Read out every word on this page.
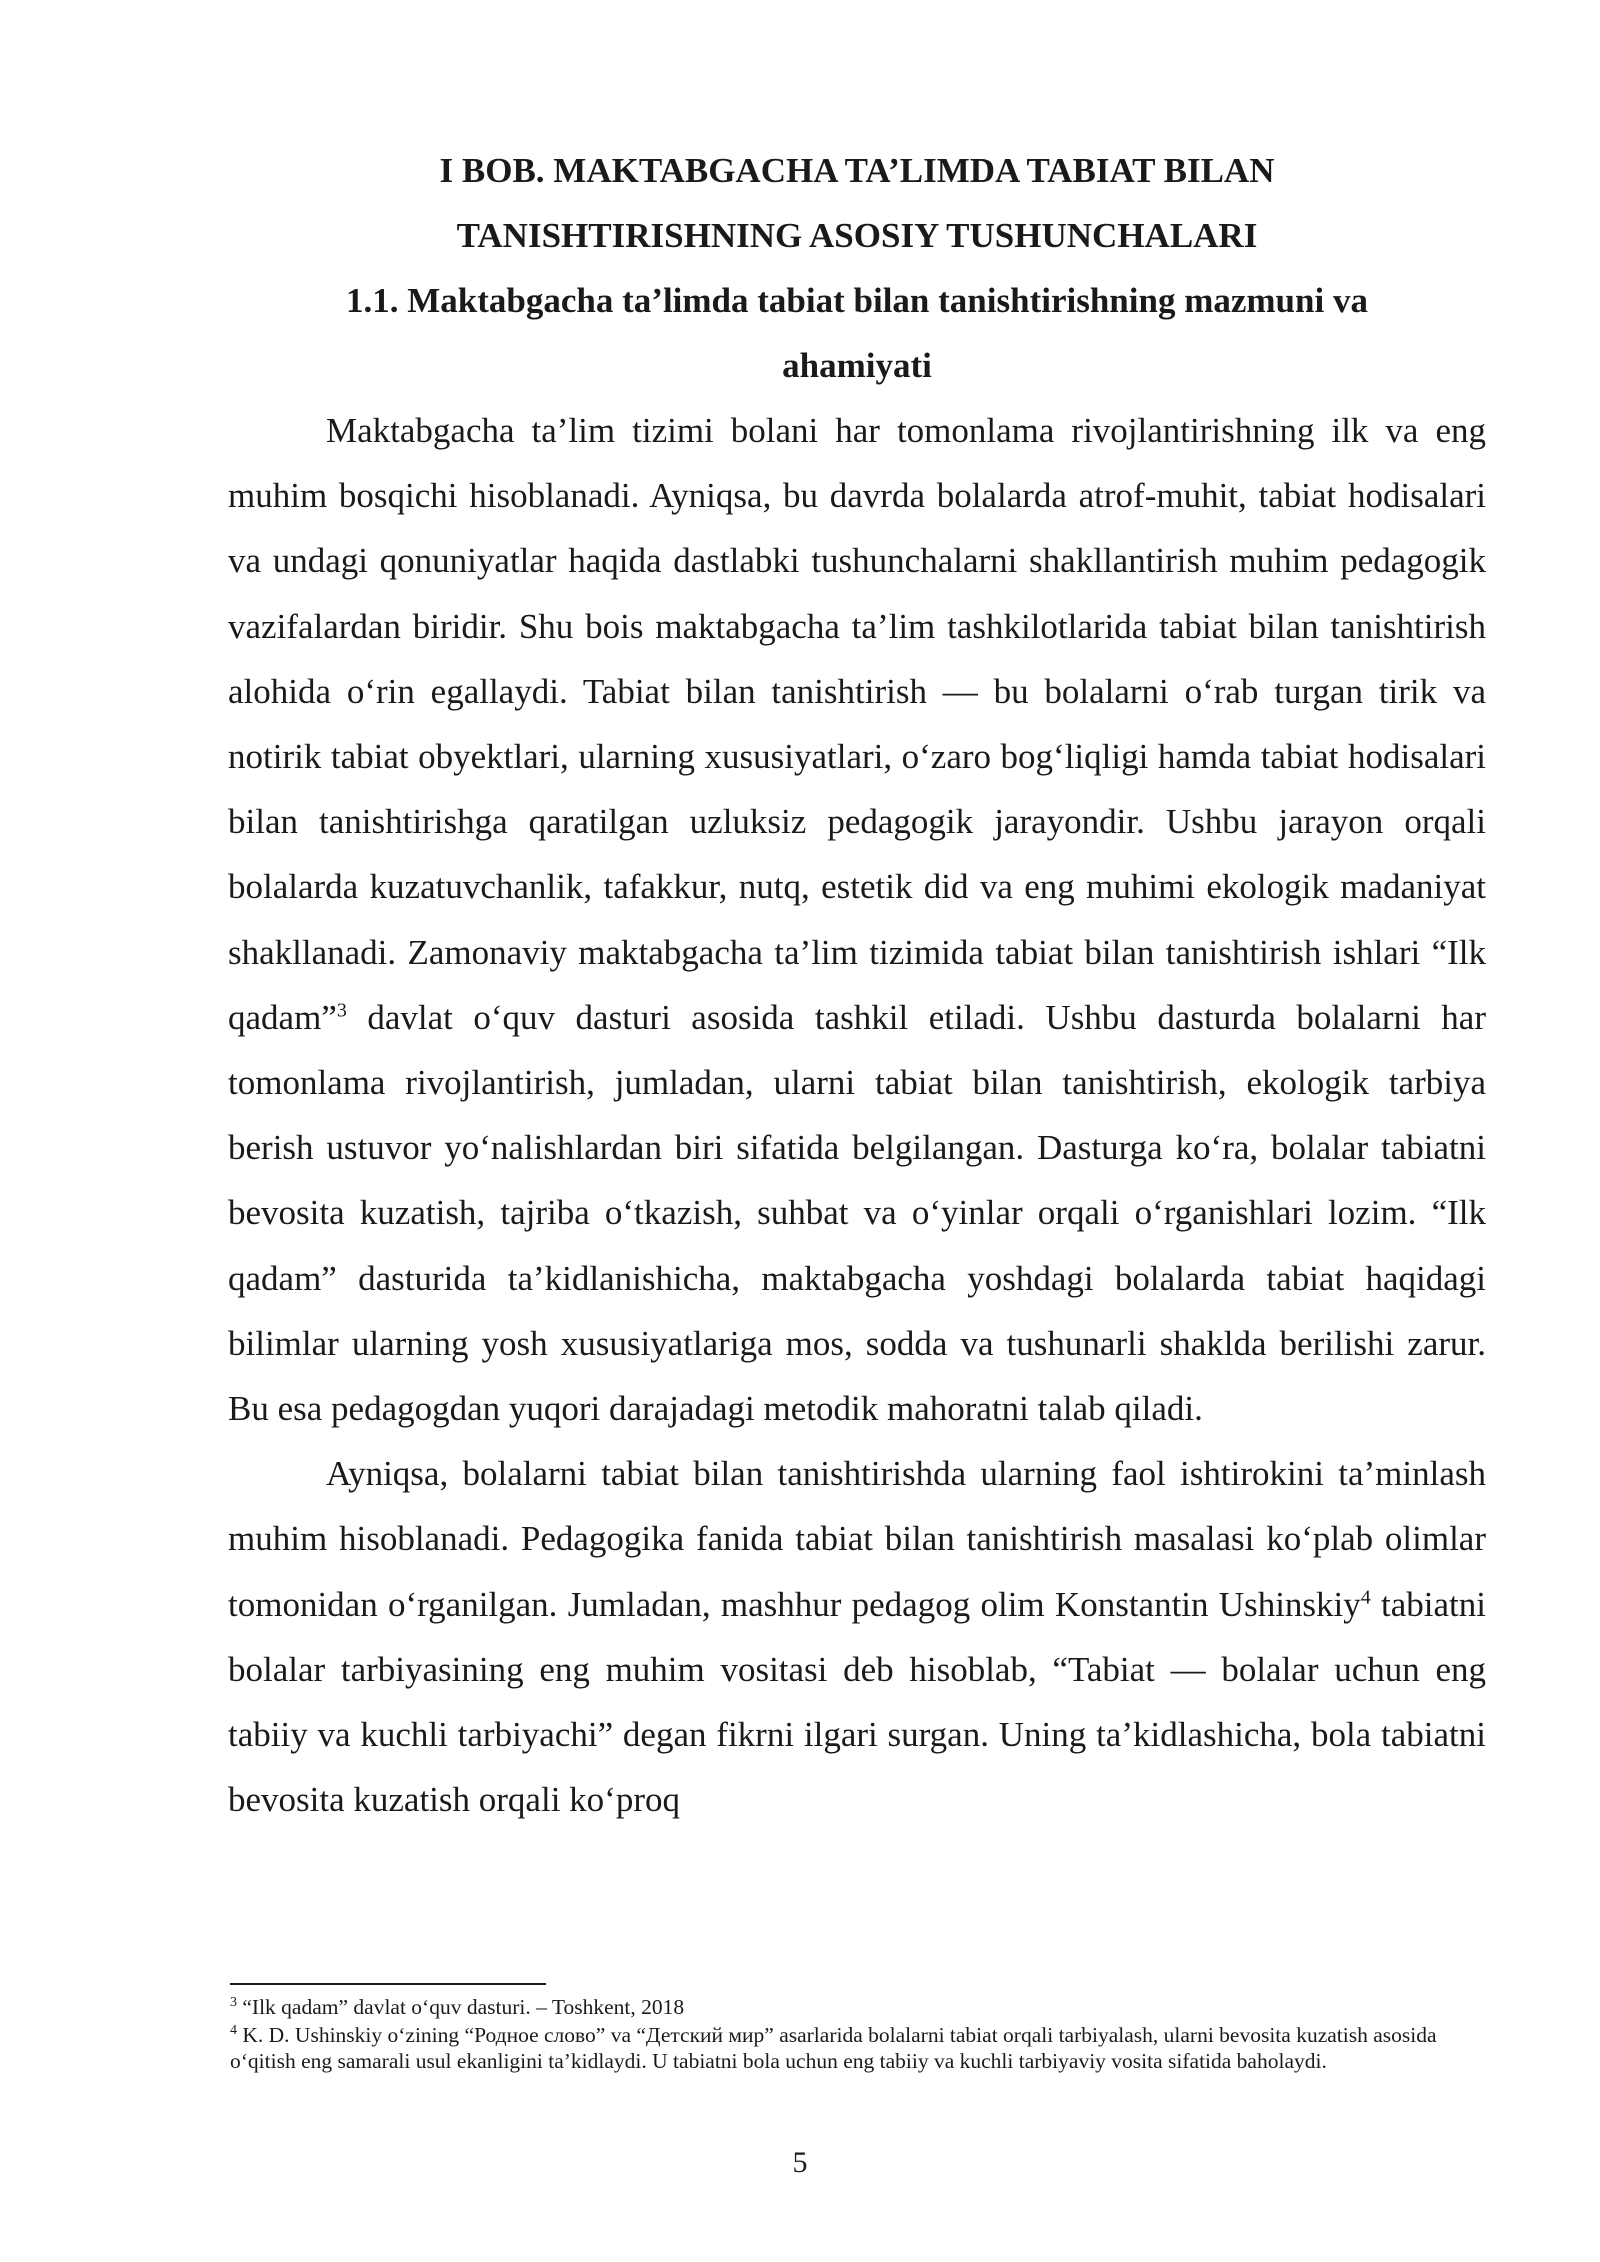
I BOB. MAKTABGACHA TA’LIMDA TABIAT BILAN
TANISHTIRISHNING ASOSIY TUSHUNCHALARI
1.1. Maktabgacha ta’limda tabiat bilan tanishtirishning mazmuni va
ahamiyati

Maktabgacha ta’lim tizimi bolani har tomonlama rivojlantirishning ilk va eng muhim bosqichi hisoblanadi. Ayniqsa, bu davrda bolalarda atrof-muhit, tabiat hodisalari va undagi qonuniyatlar haqida dastlabki tushunchalarni shakllantirish muhim pedagogik vazifalardan biridir. Shu bois maktabgacha ta’lim tashkilotlarida tabiat bilan tanishtirish alohida o‘rin egallaydi. Tabiat bilan tanishtirish — bu bolalarni o‘rab turgan tirik va notirik tabiat obyektlari, ularning xususiyatlari, o‘zaro bog‘liqligi hamda tabiat hodisalari bilan tanishtirishga qaratilgan uzluksiz pedagogik jarayondir. Ushbu jarayon orqali bolalarda kuzatuvchanlik, tafakkur, nutq, estetik did va eng muhimi ekologik madaniyat shakllanadi. Zamonaviy maktabgacha ta’lim tizimida tabiat bilan tanishtirish ishlari “Ilk qadam”$^3$ davlat o‘quv dasturi asosida tashkil etiladi. Ushbu dasturda bolalarni har tomonlama rivojlantirish, jumladan, ularni tabiat bilan tanishtirish, ekologik tarbiya berish ustuvor yo‘nalishlardan biri sifatida belgilangan. Dasturga ko‘ra, bolalar tabiatni bevosita kuzatish, tajriba o‘tkazish, suhbat va o‘yinlar orqali o‘rganishlari lozim. “Ilk qadam” dasturida ta’kidlanishicha, maktabgacha yoshdagi bolalarda tabiat haqidagi bilimlar ularning yosh xususiyatlariga mos, sodda va tushunarli shaklda berilishi zarur. Bu esa pedagogdan yuqori darajadagi metodik mahoratni talab qiladi.

Ayniqsa, bolalarni tabiat bilan tanishtirishda ularning faol ishtirokini ta’minlash muhim hisoblanadi. Pedagogika fanida tabiat bilan tanishtirish masalasi ko‘plab olimlar tomonidan o‘rganilgan. Jumladan, mashhur pedagog olim Konstantin Ushinskiy$^4$ tabiatni bolalar tarbiyasining eng muhim vositasi deb hisoblab, “Tabiat — bolalar uchun eng tabiiy va kuchli tarbiyachi” degan fikrni ilgari surgan. Uning ta’kidlashicha, bola tabiatni bevosita kuzatish orqali ko‘proq

$^3$ “Ilk qadam” davlat o‘quv dasturi. – Toshkent, 2018

$^4$ K. D. Ushinskiy o‘zining “Родное слово” va “Детский мир” asarlarida bolalarni tabiat orqali tarbiyalash, ularni bevosita kuzatish asosida o‘qitish eng samarali usul ekanligini ta’kidlaydi. U tabiatni bola uchun eng tabiiy va kuchli tarbiyaviy vosita sifatida baholaydi.

5
